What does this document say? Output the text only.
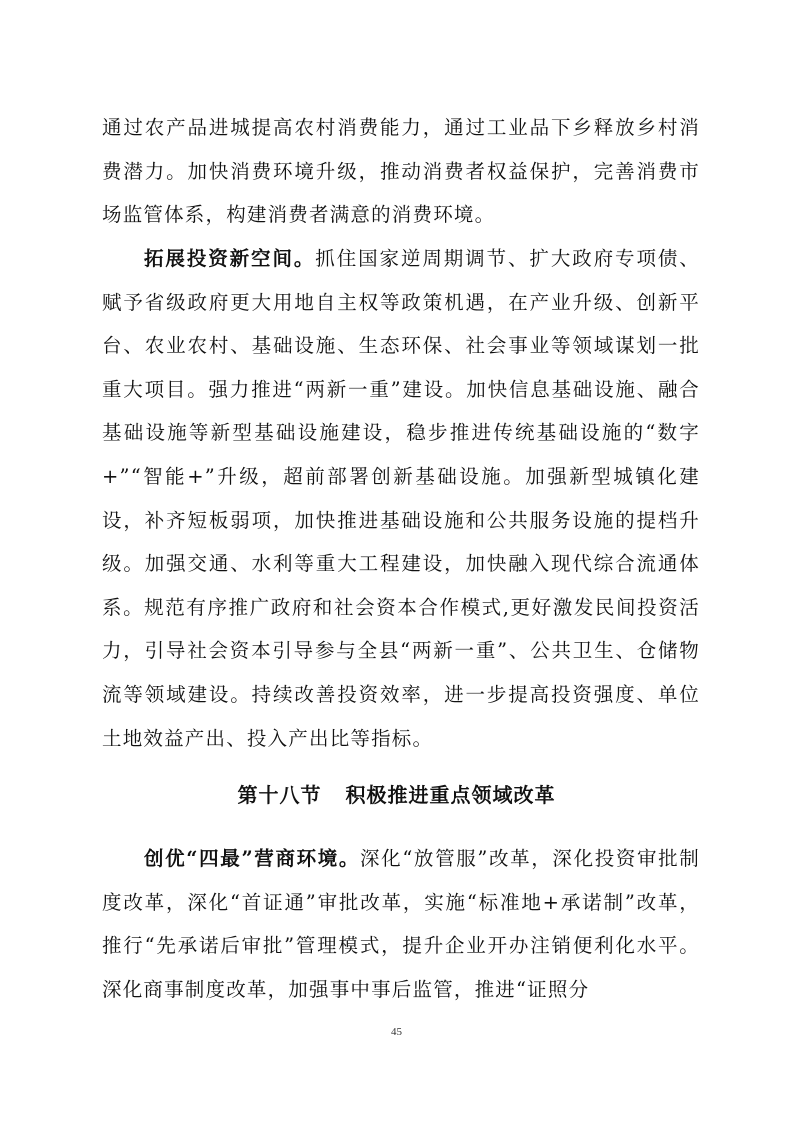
通过农产品进城提高农村消费能力，通过工业品下乡释放乡村消费潜力。加快消费环境升级，推动消费者权益保护，完善消费市场监管体系，构建消费者满意的消费环境。

拓展投资新空间。抓住国家逆周期调节、扩大政府专项债、赋予省级政府更大用地自主权等政策机遇，在产业升级、创新平台、农业农村、基础设施、生态环保、社会事业等领域谋划一批重大项目。强力推进“两新一重”建设。加快信息基础设施、融合基础设施等新型基础设施建设，稳步推进传统基础设施的“数字+”“智能+”升级，超前部署创新基础设施。加强新型城镇化建设，补齐短板弱项，加快推进基础设施和公共服务设施的提档升级。加强交通、水利等重大工程建设，加快融入现代综合流通体系。规范有序推广政府和社会资本合作模式,更好激发民间投资活力，引导社会资本引导参与全县“两新一重”、公共卫生、仓储物流等领域建设。持续改善投资效率，进一步提高投资强度、单位土地效益产出、投入产出比等指标。

第十八节 积极推进重点领域改革

创优“四最”营商环境。深化“放管服”改革，深化投资审批制度改革，深化“首证通”审批改革，实施“标准地+承诺制”改革，推行“先承诺后审批”管理模式，提升企业开办注销便利化水平。深化商事制度改革，加强事中事后监管，推进“证照分

45
